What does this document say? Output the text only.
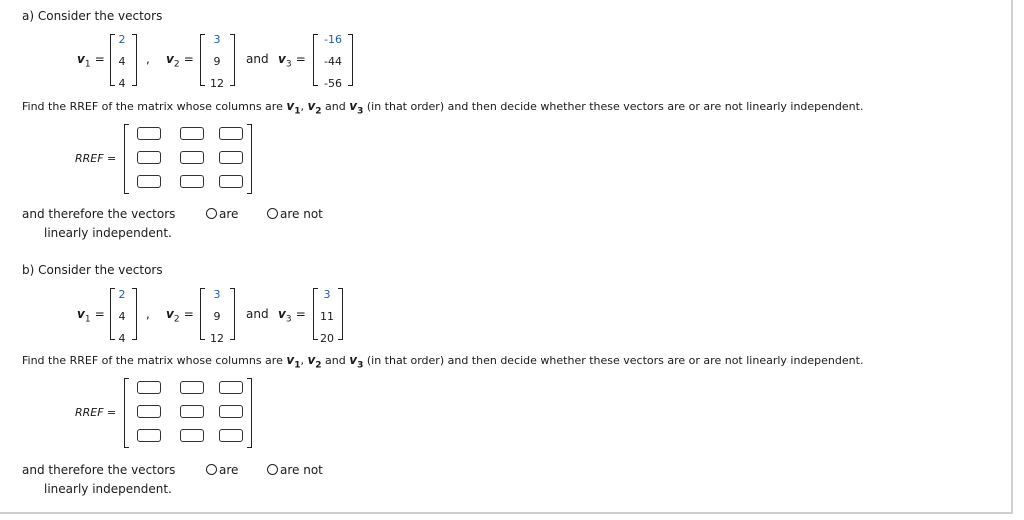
a) Consider the vectors
$v_1$ =
2
4
4
, $v_2$ =
3
9
12
and $v_3$ =
-16
-44
-56
Find the RREF of the matrix whose columns are $v_1$, $v_2$ and $v_3$ (in that order) and then decide whether these vectors are or are not linearly independent.
RREF =
and therefore the vectors	are	are not
linearly independent.
b) Consider the vectors
$v_1$ =
2
4
4
, $v_2$ =
3
9
12
and $v_3$ =
3
11
20
Find the RREF of the matrix whose columns are $v_1$, $v_2$ and $v_3$ (in that order) and then decide whether these vectors are or are not linearly independent.
RREF =
and therefore the vectors	are	are not
linearly independent.
